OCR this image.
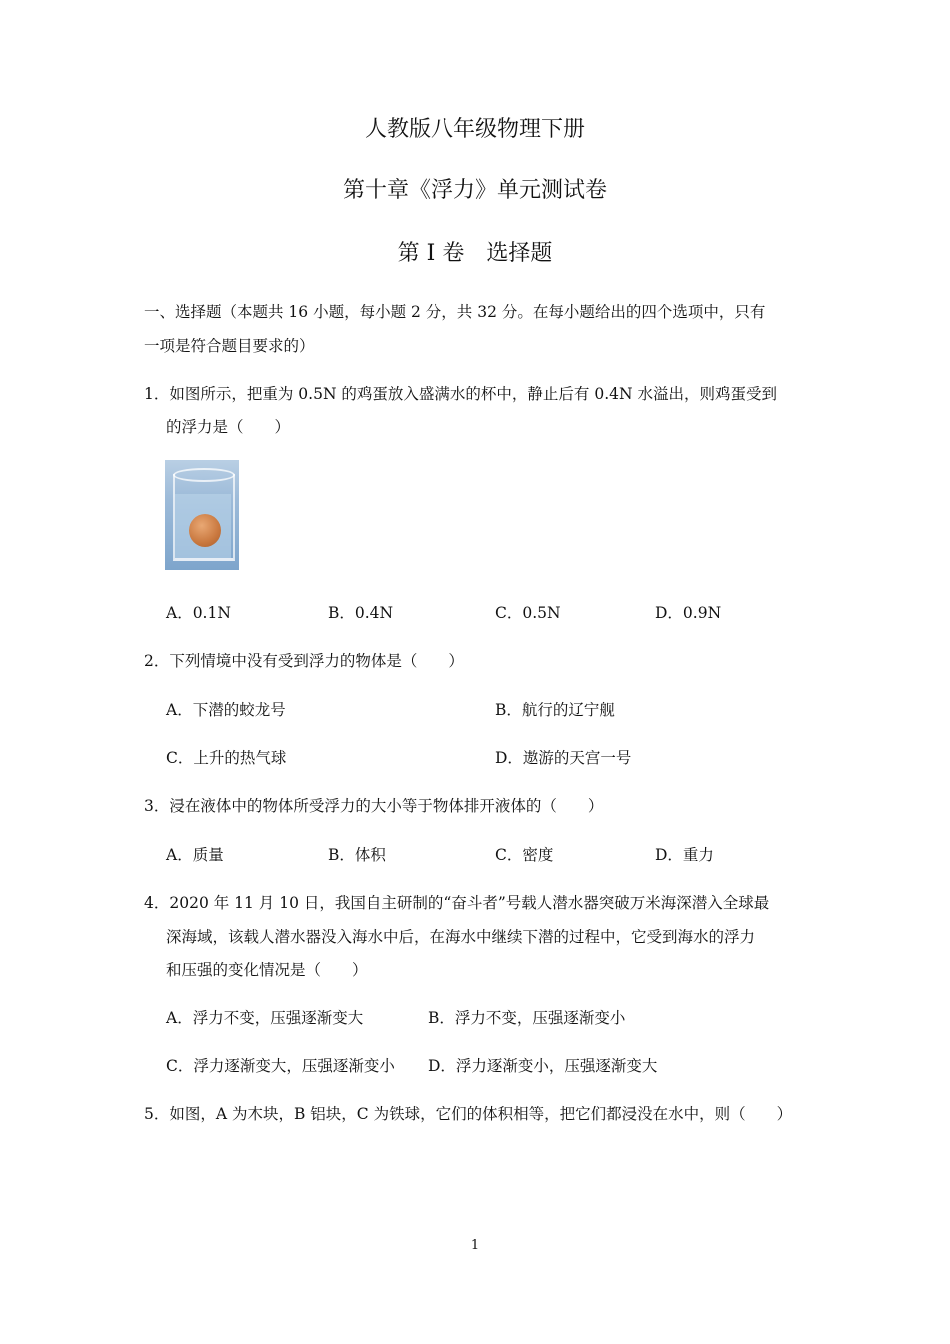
人教版八年级物理下册
第十章《浮力》单元测试卷
第 I 卷　选择题
一、选择题（本题共 16 小题，每小题 2 分，共 32 分。在每小题给出的四个选项中，只有
一项是符合题目要求的）
1．如图所示，把重为 0.5N 的鸡蛋放入盛满水的杯中，静止后有 0.4N 水溢出，则鸡蛋受到
的浮力是（　　）
A．0.1N	B．0.4N	C．0.5N	D．0.9N
2．下列情境中没有受到浮力的物体是（　　）
A．下潜的蛟龙号	B．航行的辽宁舰
C．上升的热气球	D．遨游的天宫一号
3．浸在液体中的物体所受浮力的大小等于物体排开液体的（　　）
A．质量	B．体积	C．密度	D．重力
4．2020 年 11 月 10 日，我国自主研制的“奋斗者”号载人潜水器突破万米海深潜入全球最
深海域，该载人潜水器没入海水中后，在海水中继续下潜的过程中，它受到海水的浮力
和压强的变化情况是（　　）
A．浮力不变，压强逐渐变大	B．浮力不变，压强逐渐变小
C．浮力逐渐变大，压强逐渐变小 D．浮力逐渐变小，压强逐渐变大
5．如图，A 为木块，B 铝块，C 为铁球，它们的体积相等，把它们都浸没在水中，则（　　）
1
